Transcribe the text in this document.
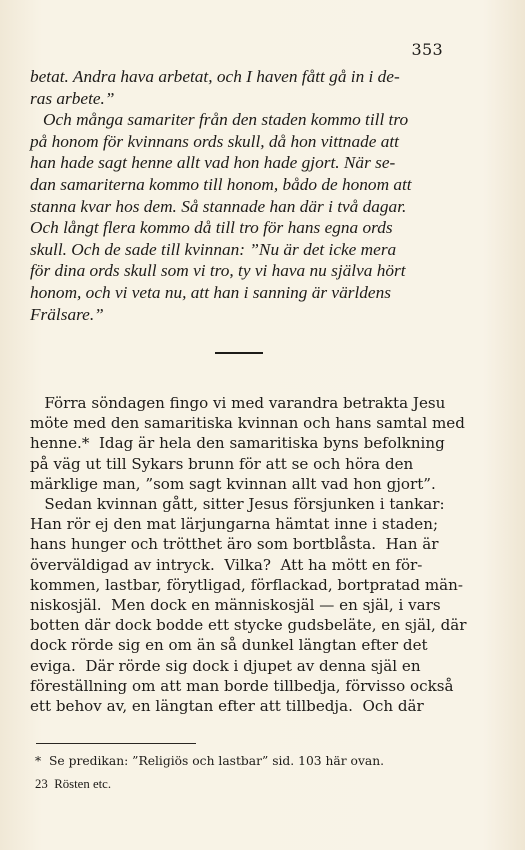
353
betat. Andra hava arbetat, och I haven fått gå in i de-
ras arbete.”
Och många samariter från den staden kommo till tro
på honom för kvinnans ords skull, då hon vittnade att
han hade sagt henne allt vad hon hade gjort. När se-
dan samariterna kommo till honom, bådo de honom att
stanna kvar hos dem. Så stannade han där i två dagar.
Och långt flera kommo då till tro för hans egna ords
skull. Och de sade till kvinnan: ”Nu är det icke mera
för dina ords skull som vi tro, ty vi hava nu själva hört
honom, och vi veta nu, att han i sanning är världens
Frälsare.”
Förra söndagen fingo vi med varandra betrakta Jesu
möte med den samaritiska kvinnan och hans samtal med
henne.*  Idag är hela den samaritiska byns befolkning
på väg ut till Sykars brunn för att se och höra den
märklige man, ”som sagt kvinnan allt vad hon gjort”.
Sedan kvinnan gått, sitter Jesus försjunken i tankar:
Han rör ej den mat lärjungarna hämtat inne i staden;
hans hunger och trötthet äro som bortblåsta.  Han är
överväldigad av intryck.  Vilka?  Att ha mött en för-
kommen, lastbar, förytligad, förflackad, bortpratad män-
niskosjäl.  Men dock en människosjäl — en själ, i vars
botten där dock bodde ett stycke gudsbeläte, en själ, där
dock rörde sig en om än så dunkel längtan efter det
eviga.  Där rörde sig dock i djupet av denna själ en
föreställning om att man borde tillbedja, förvisso också
ett behov av, en längtan efter att tillbedja.  Och där
*  Se predikan: ”Religiös och lastbar” sid. 103 här ovan.
23  Rösten etc.
